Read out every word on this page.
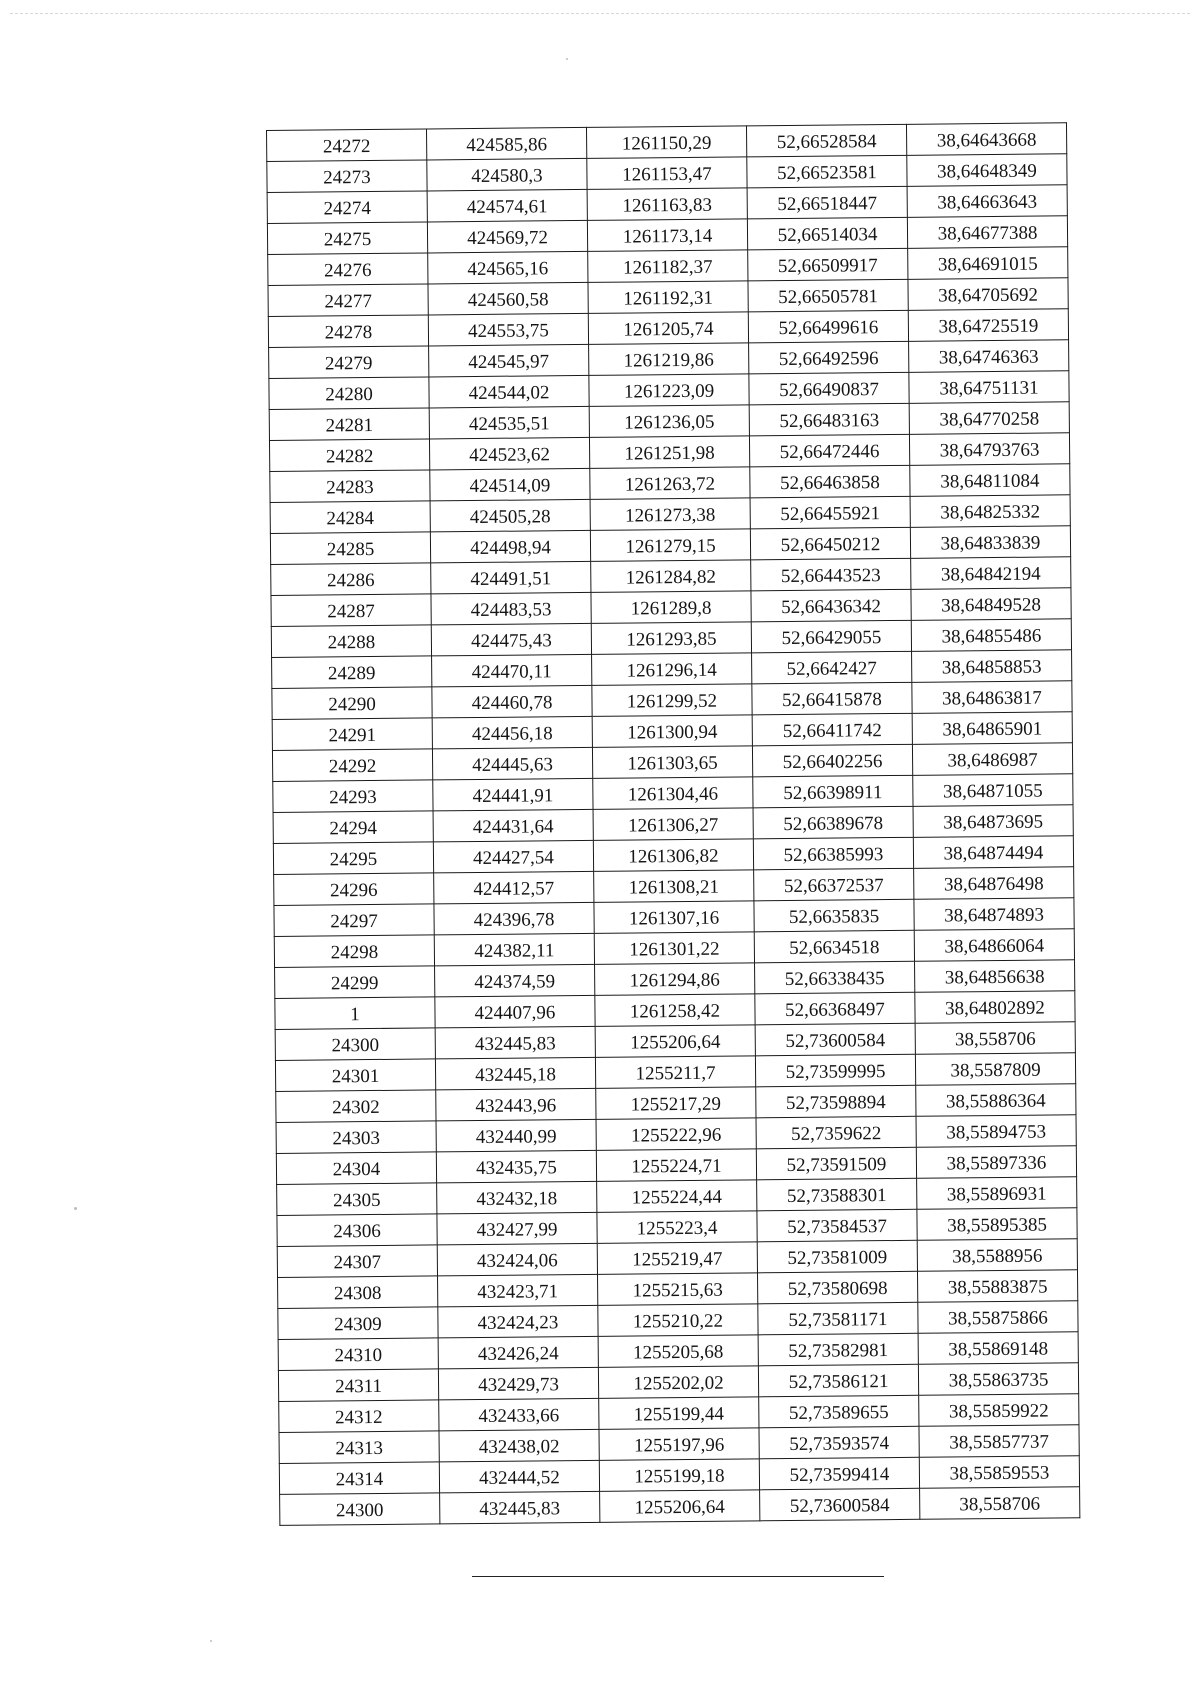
24272	424585,86	1261150,29	52,66528584	38,64643668
24273	424580,3	1261153,47	52,66523581	38,64648349
24274	424574,61	1261163,83	52,66518447	38,64663643
24275	424569,72	1261173,14	52,66514034	38,64677388
24276	424565,16	1261182,37	52,66509917	38,64691015
24277	424560,58	1261192,31	52,66505781	38,64705692
24278	424553,75	1261205,74	52,66499616	38,64725519
24279	424545,97	1261219,86	52,66492596	38,64746363
24280	424544,02	1261223,09	52,66490837	38,64751131
24281	424535,51	1261236,05	52,66483163	38,64770258
24282	424523,62	1261251,98	52,66472446	38,64793763
24283	424514,09	1261263,72	52,66463858	38,64811084
24284	424505,28	1261273,38	52,66455921	38,64825332
24285	424498,94	1261279,15	52,66450212	38,64833839
24286	424491,51	1261284,82	52,66443523	38,64842194
24287	424483,53	1261289,8	52,66436342	38,64849528
24288	424475,43	1261293,85	52,66429055	38,64855486
24289	424470,11	1261296,14	52,6642427	38,64858853
24290	424460,78	1261299,52	52,66415878	38,64863817
24291	424456,18	1261300,94	52,66411742	38,64865901
24292	424445,63	1261303,65	52,66402256	38,6486987
24293	424441,91	1261304,46	52,66398911	38,64871055
24294	424431,64	1261306,27	52,66389678	38,64873695
24295	424427,54	1261306,82	52,66385993	38,64874494
24296	424412,57	1261308,21	52,66372537	38,64876498
24297	424396,78	1261307,16	52,6635835	38,64874893
24298	424382,11	1261301,22	52,6634518	38,64866064
24299	424374,59	1261294,86	52,66338435	38,64856638
1	424407,96	1261258,42	52,66368497	38,64802892
24300	432445,83	1255206,64	52,73600584	38,558706
24301	432445,18	1255211,7	52,73599995	38,5587809
24302	432443,96	1255217,29	52,73598894	38,55886364
24303	432440,99	1255222,96	52,7359622	38,55894753
24304	432435,75	1255224,71	52,73591509	38,55897336
24305	432432,18	1255224,44	52,73588301	38,55896931
24306	432427,99	1255223,4	52,73584537	38,55895385
24307	432424,06	1255219,47	52,73581009	38,5588956
24308	432423,71	1255215,63	52,73580698	38,55883875
24309	432424,23	1255210,22	52,73581171	38,55875866
24310	432426,24	1255205,68	52,73582981	38,55869148
24311	432429,73	1255202,02	52,73586121	38,55863735
24312	432433,66	1255199,44	52,73589655	38,55859922
24313	432438,02	1255197,96	52,73593574	38,55857737
24314	432444,52	1255199,18	52,73599414	38,55859553
24300	432445,83	1255206,64	52,73600584	38,558706
